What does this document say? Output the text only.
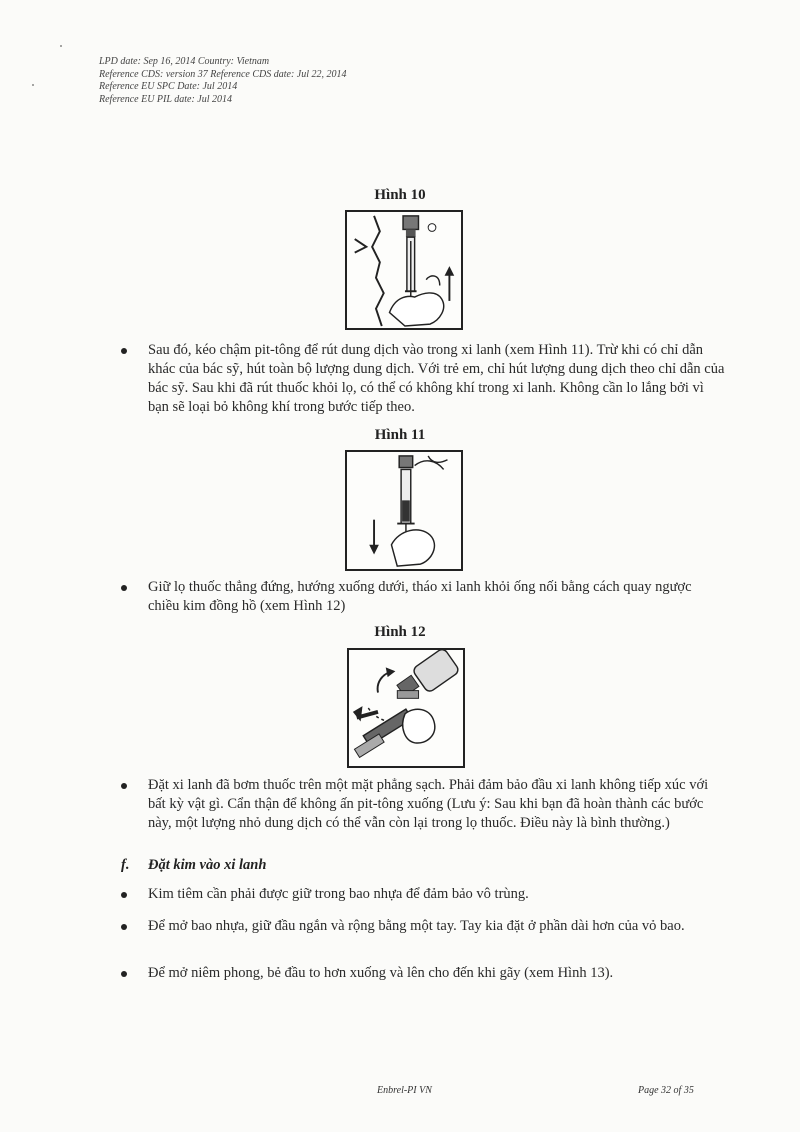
LPD date: Sep 16, 2014 Country: Vietnam
Reference CDS: version 37 Reference CDS date: Jul 22, 2014
Reference EU SPC Date: Jul 2014
Reference EU PIL date: Jul 2014
Hình 10
Sau đó, kéo chậm pit-tông để rút dung dịch vào trong xi lanh (xem Hình 11). Trừ khi có chỉ dẫn khác của bác sỹ, hút toàn bộ lượng dung dịch. Với trẻ em, chỉ hút lượng dung dịch theo chỉ dẫn của bác sỹ. Sau khi đã rút thuốc khỏi lọ, có thể có không khí trong xi lanh. Không cần lo lắng bởi vì bạn sẽ loại bỏ không khí trong bước tiếp theo.
Hình 11
Giữ lọ thuốc thẳng đứng, hướng xuống dưới, tháo xi lanh khỏi ống nối bằng cách quay ngược chiều kim đồng hồ (xem Hình 12)
Hình 12
Đặt xi lanh đã bơm thuốc trên một mặt phẳng sạch. Phải đảm bảo đầu xi lanh không tiếp xúc với bất kỳ vật gì. Cẩn thận để không ấn pit-tông xuống (Lưu ý: Sau khi bạn đã hoàn thành các bước này, một lượng nhỏ dung dịch có thể vẫn còn lại trong lọ thuốc. Điều này là bình thường.)
f. Đặt kim vào xi lanh
Kim tiêm cần phải được giữ trong bao nhựa để đảm bảo vô trùng.
Để mở bao nhựa, giữ đầu ngắn và rộng bằng một tay. Tay kia đặt ở phần dài hơn của vỏ bao.
Để mở niêm phong, bẻ đầu to hơn xuống và lên cho đến khi gãy (xem Hình 13).
Enbrel-PI VN	Page 32 of 35
